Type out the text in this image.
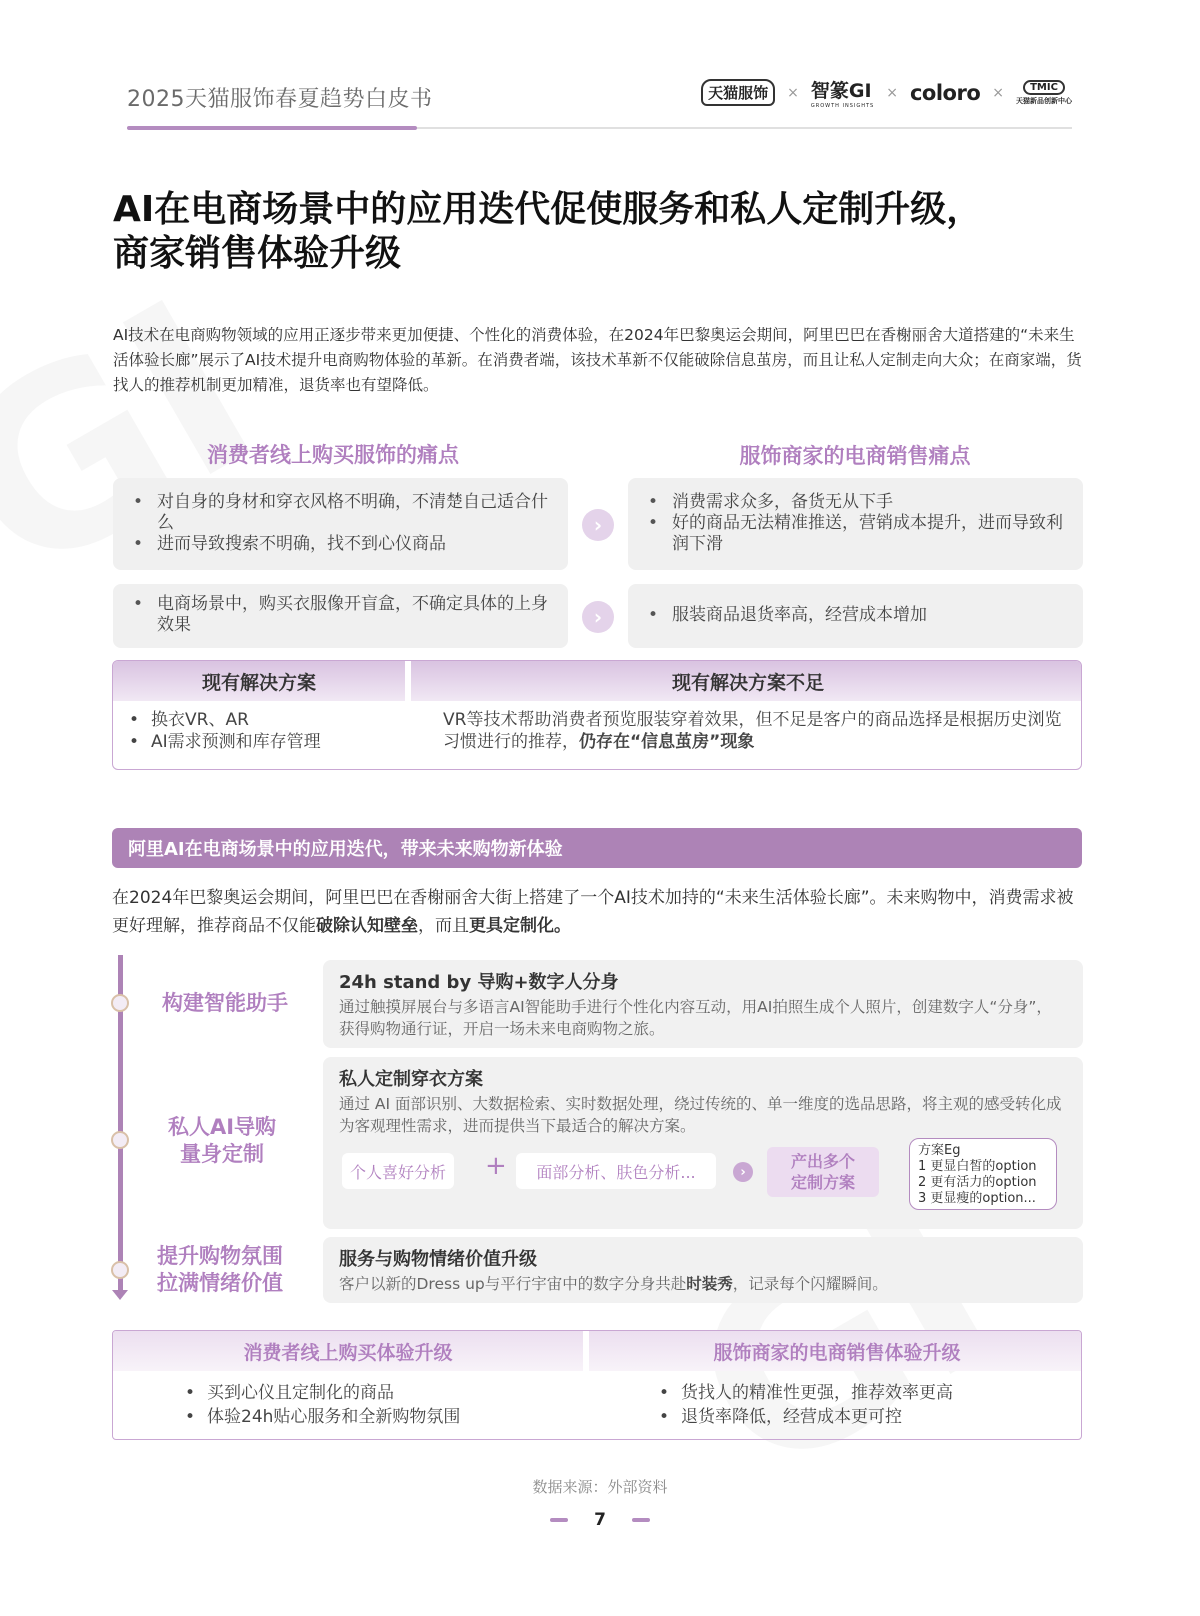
2025天猫服饰春夏趋势白皮书	天猫服饰	× 智篆GI
GROWTH INSIGHTS
× coloro ×	TMIC
天猫新品创新中心
AI在电商场景中的应用迭代促使服务和私人定制升级，
商家销售体验升级
AI技术在电商购物领域的应用正逐步带来更加便捷、个性化的消费体验，在2024年巴黎奥运会期间，阿里巴巴在香榭丽舍大道搭建的“未来生活体验长廊”展示了AI技术提升电商购物体验的革新。在消费者端，该技术革新不仅能破除信息茧房，而且让私人定制走向大众；在商家端，货找人的推荐机制更加精准，退货率也有望降低。
消费者线上购买服饰的痛点	服饰商家的电商销售痛点
• 对自身的身材和穿衣风格不明确，不清楚自己适合什么
• 进而导致搜索不明确，找不到心仪商品
›
• 消费需求众多，备货无从下手
• 好的商品无法精准推送，营销成本提升，进而导致利润下滑
• 电商场景中，购买衣服像开盲盒，不确定具体的上身效果	›	• 服装商品退货率高，经营成本增加
现有解决方案	现有解决方案不足
• 换衣VR、AR
• AI需求预测和库存管理
VR等技术帮助消费者预览服装穿着效果，但不足是客户的商品选择是根据历史浏览习惯进行的推荐，仍存在“信息茧房”现象
阿里AI在电商场景中的应用迭代，带来未来购物新体验
在2024年巴黎奥运会期间，阿里巴巴在香榭丽舍大街上搭建了一个AI技术加持的“未来生活体验长廊”。未来购物中，消费需求被更好理解，推荐商品不仅能破除认知壁垒，而且更具定制化。
构建智能助手
24h stand by 导购+数字人分身
通过触摸屏展台与多语言AI智能助手进行个性化内容互动，用AI拍照生成个人照片，创建数字人“分身”，获得购物通行证，开启一场未来电商购物之旅。
私人AI导购
量身定制
私人定制穿衣方案
通过 AI 面部识别、大数据检索、实时数据处理，绕过传统的、单一维度的选品思路，将主观的感受转化成为客观理性需求，进而提供当下最适合的解决方案。
个人喜好分析	+	面部分析、肤色分析...	›
产出多个
定制方案
方案Eg
1 更显白皙的option
2 更有活力的option
3 更显瘦的option...
提升购物氛围
拉满情绪价值
服务与购物情绪价值升级
客户以新的Dress up与平行宇宙中的数字分身共赴时装秀，记录每个闪耀瞬间。
消费者线上购买体验升级	服饰商家的电商销售体验升级
• 买到心仪且定制化的商品
• 体验24h贴心服务和全新购物氛围
• 货找人的精准性更强，推荐效率更高
• 退货率降低，经营成本更可控
数据来源：外部资料
7
